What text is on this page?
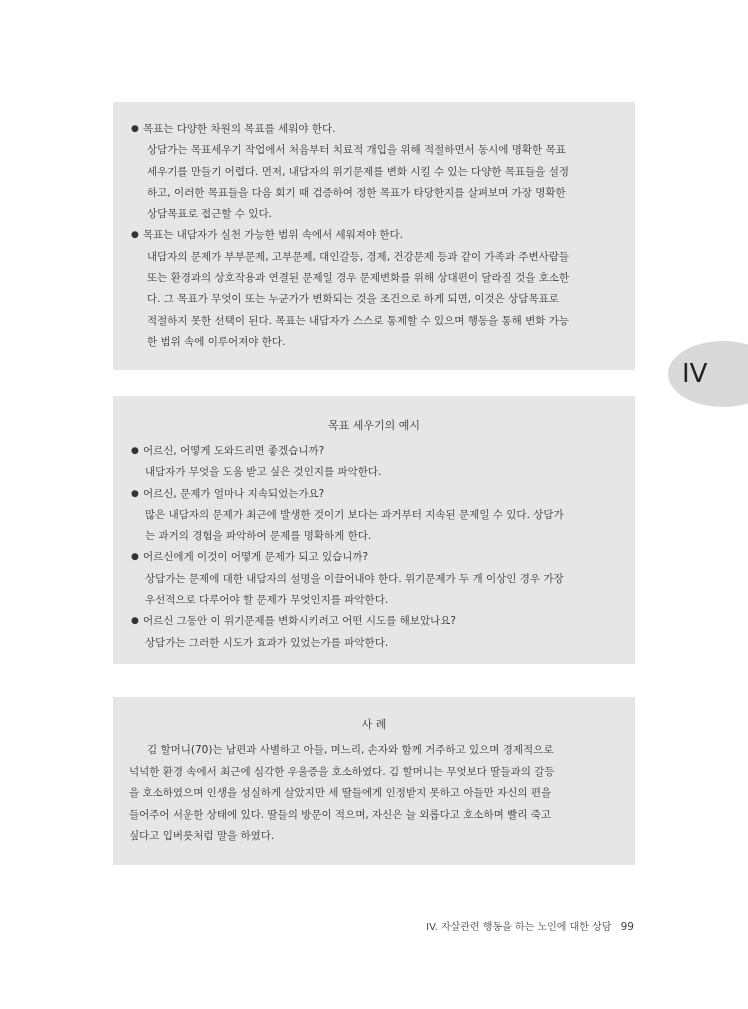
● 목표는 다양한 차원의 목표를 세워야 한다.
상담가는 목표세우기 작업에서 처음부터 치료적 개입을 위해 적절하면서 동시에 명확한 목표
세우기를 만들기 어렵다. 먼저, 내담자의 위기문제를 변화 시킬 수 있는 다양한 목표들을 설정
하고, 이러한 목표들을 다음 회기 때 검증하여 정한 목표가 타당한지를 살펴보며 가장 명확한
상담목표로 접근할 수 있다.
● 목표는 내담자가 실천 가능한 범위 속에서 세워져야 한다.
내담자의 문제가 부부문제, 고부문제, 대인갈등, 경제, 건강문제 등과 같이 가족과 주변사람들
또는 환경과의 상호작용과 연결된 문제일 경우 문제변화를 위해 상대편이 달라질 것을 호소한
다. 그 목표가 무엇이 또는 누군가가 변화되는 것을 조건으로 하게 되면, 이것은 상담목표로
적절하지 못한 선택이 된다. 목표는 내담자가 스스로 통제할 수 있으며 행동을 통해 변화 가능
한 범위 속에 이루어져야 한다.
IV
목표 세우기의 예시
● 어르신, 어떻게 도와드리면 좋겠습니까?
내담자가 무엇을 도움 받고 싶은 것인지를 파악한다.
● 어르신, 문제가 얼마나 지속되었는가요?
많은 내담자의 문제가 최근에 발생한 것이기 보다는 과거부터 지속된 문제일 수 있다. 상담가
는 과거의 경험을 파악하여 문제를 명확하게 한다.
● 어르신에게 이것이 어떻게 문제가 되고 있습니까?
상담가는 문제에 대한 내담자의 설명을 이끌어내야 한다. 위기문제가 두 개 이상인 경우 가장
우선적으로 다루어야 할 문제가 무엇인지를 파악한다.
● 어르신 그동안 이 위기문제를 변화시키려고 어떤 시도를 해보았나요?
상담가는 그러한 시도가 효과가 있었는가를 파악한다.
사 례
김 할머니(70)는 남편과 사별하고 아들, 며느리, 손자와 함께 거주하고 있으며 경제적으로
넉넉한 환경 속에서 최근에 심각한 우울증을 호소하였다. 김 할머니는 무엇보다 딸들과의 갈등
을 호소하였으며 인생을 성실하게 살았지만 세 딸들에게 인정받지 못하고 아들만 자신의 편을
들어주어 서운한 상태에 있다. 딸들의 방문이 적으며, 자신은 늘 외롭다고 호소하며 빨리 죽고
싶다고 입버릇처럼 말을 하였다.
IV. 자살관련 행동을 하는 노인에 대한 상담 99
